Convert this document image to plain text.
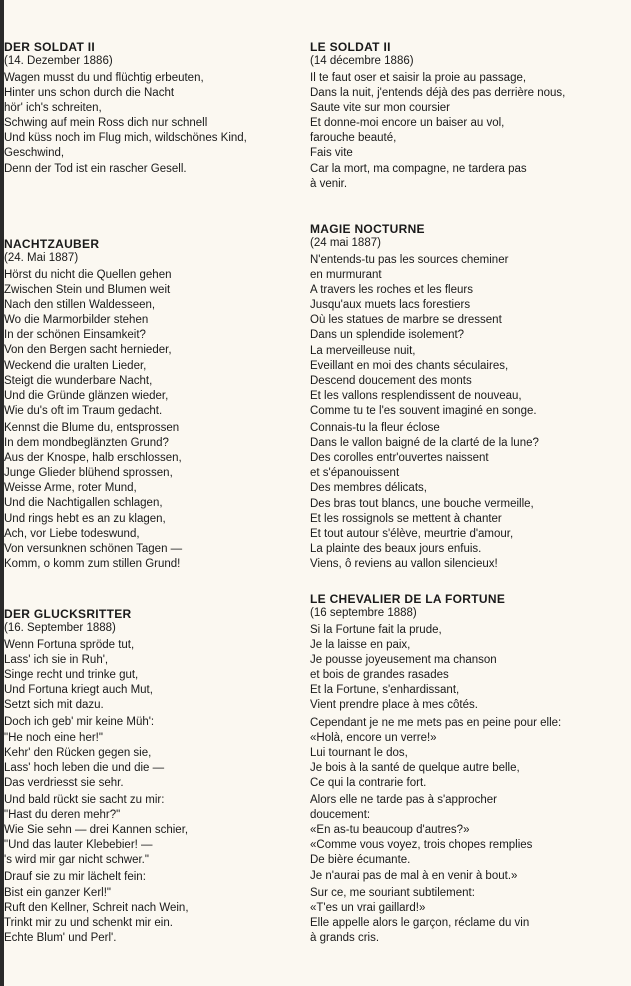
DER SOLDAT II

(14. Dezember 1886)

Wagen musst du und flüchtig erbeuten,

Hinter uns schon durch die Nacht

hör' ich's schreiten,

Schwing auf mein Ross dich nur schnell

Und küss noch im Flug mich, wildschönes Kind,

Geschwind,

Denn der Tod ist ein rascher Gesell.

NACHTZAUBER

(24. Mai 1887)

Hörst du nicht die Quellen gehen

Zwischen Stein und Blumen weit

Nach den stillen Waldesseen,

Wo die Marmorbilder stehen

In der schönen Einsamkeit?

Von den Bergen sacht hernieder,

Weckend die uralten Lieder,

Steigt die wunderbare Nacht,

Und die Gründe glänzen wieder,

Wie du's oft im Traum gedacht.

Kennst die Blume du, entsprossen

In dem mondbeglänzten Grund?

Aus der Knospe, halb erschlossen,

Junge Glieder blühend sprossen,

Weisse Arme, roter Mund,

Und die Nachtigallen schlagen,

Und rings hebt es an zu klagen,

Ach, vor Liebe todeswund,

Von versunknen schönen Tagen —

Komm, o komm zum stillen Grund!

DER GLUCKSRITTER

(16. September 1888)

Wenn Fortuna spröde tut,

Lass' ich sie in Ruh',

Singe recht und trinke gut,

Und Fortuna kriegt auch Mut,

Setzt sich mit dazu.

Doch ich geb' mir keine Müh':

"He noch eine her!"

Kehr' den Rücken gegen sie,

Lass' hoch leben die und die —

Das verdriesst sie sehr.

Und bald rückt sie sacht zu mir:

"Hast du deren mehr?"

Wie Sie sehn — drei Kannen schier,

"Und das lauter Klebebier! —

's wird mir gar nicht schwer."

Drauf sie zu mir lächelt fein:

Bist ein ganzer Kerl!"

Ruft den Kellner, Schreit nach Wein,

Trinkt mir zu und schenkt mir ein.

Echte Blum' und Perl'.

LE SOLDAT II

(14 décembre 1886)

Il te faut oser et saisir la proie au passage,

Dans la nuit, j'entends déjà des pas derrière nous,

Saute vite sur mon coursier

Et donne-moi encore un baiser au vol,

farouche beauté,

Fais vite

Car la mort, ma compagne, ne tardera pas

à venir.

MAGIE NOCTURNE

(24 mai 1887)

N'entends-tu pas les sources cheminer

en murmurant

A travers les roches et les fleurs

Jusqu'aux muets lacs forestiers

Où les statues de marbre se dressent

Dans un splendide isolement?

La merveilleuse nuit,

Eveillant en moi des chants séculaires,

Descend doucement des monts

Et les vallons resplendissent de nouveau,

Comme tu te l'es souvent imaginé en songe.

Connais-tu la fleur éclose

Dans le vallon baigné de la clarté de la lune?

Des corolles entr'ouvertes naissent

et s'épanouissent

Des membres délicats,

Des bras tout blancs, une bouche vermeille,

Et les rossignols se mettent à chanter

Et tout autour s'élève, meurtrie d'amour,

La plainte des beaux jours enfuis.

Viens, ô reviens au vallon silencieux!

LE CHEVALIER DE LA FORTUNE

(16 septembre 1888)

Si la Fortune fait la prude,

Je la laisse en paix,

Je pousse joyeusement ma chanson

et bois de grandes rasades

Et la Fortune, s'enhardissant,

Vient prendre place à mes côtés.

Cependant je ne me mets pas en peine pour elle:

«Holà, encore un verre!»

Lui tournant le dos,

Je bois à la santé de quelque autre belle,

Ce qui la contrarie fort.

Alors elle ne tarde pas à s'approcher

doucement:

«En as-tu beaucoup d'autres?»

«Comme vous voyez, trois chopes remplies

De bière écumante.

Je n'aurai pas de mal à en venir à bout.»

Sur ce, me souriant subtilement:

«T'es un vrai gaillard!»

Elle appelle alors le garçon, réclame du vin

à grands cris.
